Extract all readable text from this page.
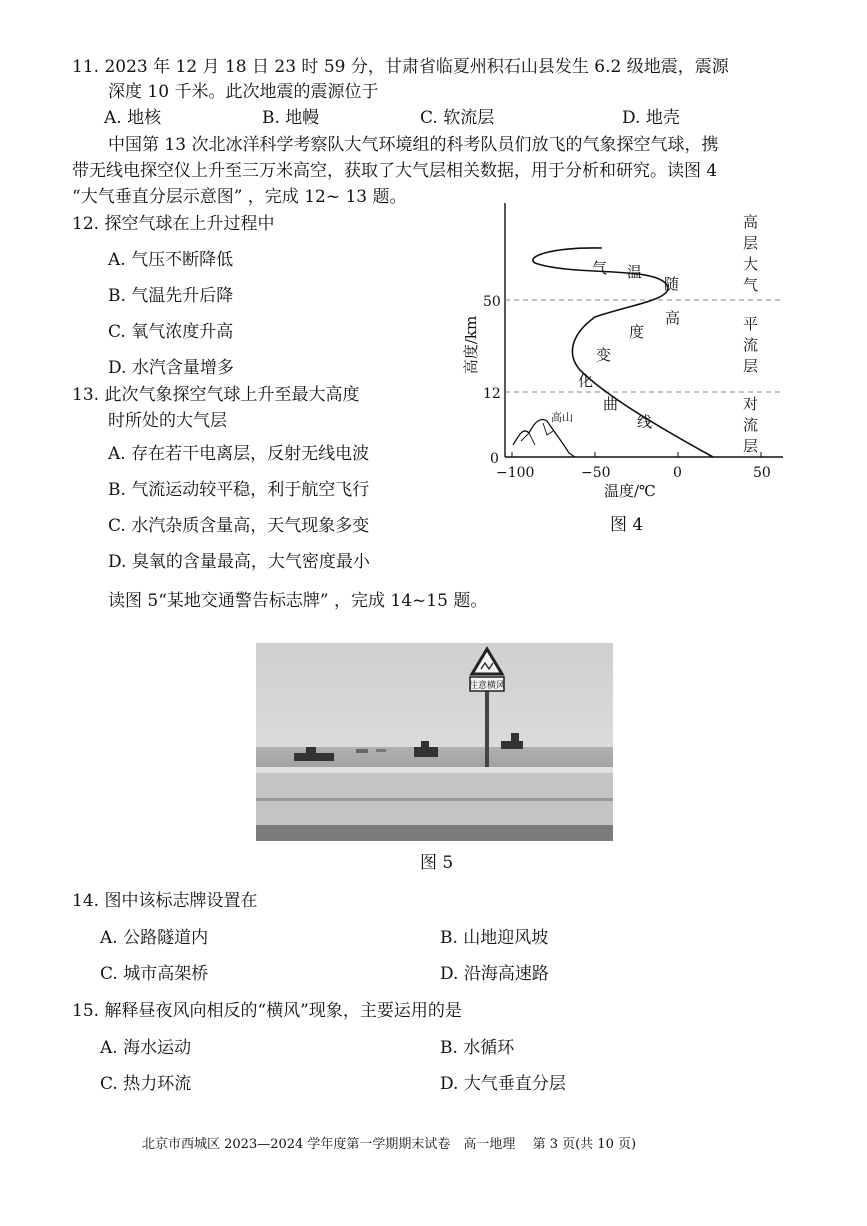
11. 2023 年 12 月 18 日 23 时 59 分，甘肃省临夏州积石山县发生 6.2 级地震，震源
深度 10 千米。此次地震的震源位于
A. 地核	B. 地幔	C. 软流层	D. 地壳
中国第 13 次北冰洋科学考察队大气环境组的科考队员们放飞的气象探空气球，携
带无线电探空仪上升至三万米高空，获取了大气层相关数据，用于分析和研究。读图 4
“大气垂直分层示意图” ，完成 12~ 13 题。
12. 探空气球在上升过程中
A. 气压不断降低
B. 气温先升后降
C. 氧气浓度升高
D. 水汽含量增多
13. 此次气象探空气球上升至最大高度
时所处的大气层
A. 存在若干电离层，反射无线电波
B. 气流运动较平稳，利于航空飞行
C. 水汽杂质含量高，天气现象多变
D. 臭氧的含量最高，大气密度最小
50
12
0
−100	−50	0	50
温度/℃
高度/km
高山
气 温
随
高
度
变
化
曲
线
高
层
大
气
平
流
层
对
流
层
图 4
读图 5“某地交通警告标志牌” ，完成 14~15 题。
注意横风
图 5
14. 图中该标志牌设置在
A. 公路隧道内	B. 山地迎风坡
C. 城市高架桥	D. 沿海高速路
15. 解释昼夜风向相反的“横风”现象，主要运用的是
A. 海水运动	B. 水循环
C. 热力环流	D. 大气垂直分层
北京市西城区 2023—2024 学年度第一学期期末试卷　高一地理　 第 3 页(共 10 页)
